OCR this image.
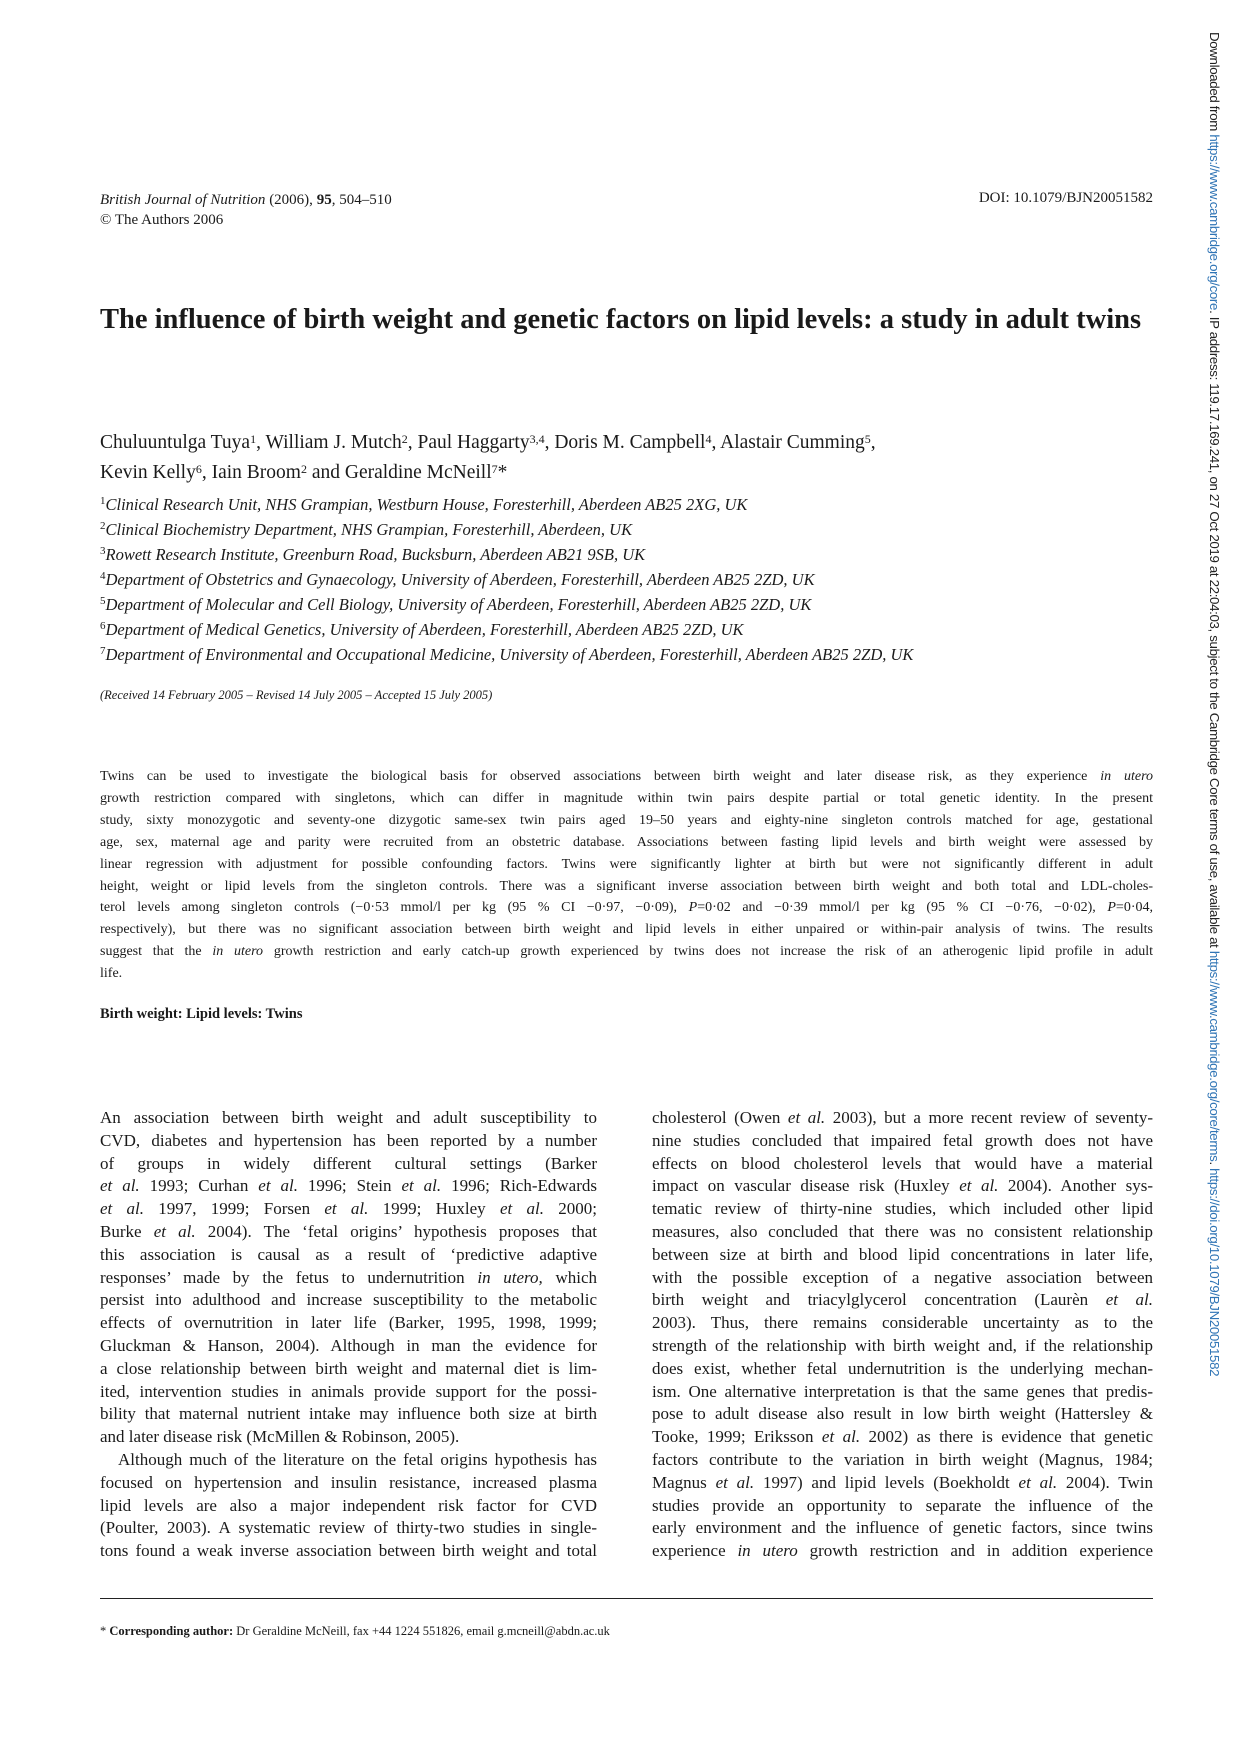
British Journal of Nutrition (2006), 95, 504–510
© The Authors 2006
DOI: 10.1079/BJN20051582
The influence of birth weight and genetic factors on lipid levels: a study in adult twins
Chuluuntulga Tuya$^1$, William J. Mutch$^2$, Paul Haggarty$^{3,4}$, Doris M. Campbell$^4$, Alastair Cumming$^5$,
Kevin Kelly$^6$, Iain Broom$^2$ and Geraldine McNeill$^7$*
$^1$Clinical Research Unit, NHS Grampian, Westburn House, Foresterhill, Aberdeen AB25 2XG, UK
$^2$Clinical Biochemistry Department, NHS Grampian, Foresterhill, Aberdeen, UK
$^3$Rowett Research Institute, Greenburn Road, Bucksburn, Aberdeen AB21 9SB, UK
$^4$Department of Obstetrics and Gynaecology, University of Aberdeen, Foresterhill, Aberdeen AB25 2ZD, UK
$^5$Department of Molecular and Cell Biology, University of Aberdeen, Foresterhill, Aberdeen AB25 2ZD, UK
$^6$Department of Medical Genetics, University of Aberdeen, Foresterhill, Aberdeen AB25 2ZD, UK
$^7$Department of Environmental and Occupational Medicine, University of Aberdeen, Foresterhill, Aberdeen AB25 2ZD, UK
(Received 14 February 2005 – Revised 14 July 2005 – Accepted 15 July 2005)
Twins can be used to investigate the biological basis for observed associations between birth weight and later disease risk, as they experience in utero
growth restriction compared with singletons, which can differ in magnitude within twin pairs despite partial or total genetic identity. In the present
study, sixty monozygotic and seventy-one dizygotic same-sex twin pairs aged 19–50 years and eighty-nine singleton controls matched for age, gestational
age, sex, maternal age and parity were recruited from an obstetric database. Associations between fasting lipid levels and birth weight were assessed by
linear regression with adjustment for possible confounding factors. Twins were significantly lighter at birth but were not significantly different in adult
height, weight or lipid levels from the singleton controls. There was a significant inverse association between birth weight and both total and LDL-choles-
terol levels among singleton controls (−0·53 mmol/l per kg (95 % CI −0·97, −0·09), P=0·02 and −0·39 mmol/l per kg (95 % CI −0·76, −0·02), P=0·04,
respectively), but there was no significant association between birth weight and lipid levels in either unpaired or within-pair analysis of twins. The results
suggest that the in utero growth restriction and early catch-up growth experienced by twins does not increase the risk of an atherogenic lipid profile in adult
life.
Birth weight: Lipid levels: Twins
An association between birth weight and adult susceptibility to
CVD, diabetes and hypertension has been reported by a number
of groups in widely different cultural settings (Barker
et al. 1993; Curhan et al. 1996; Stein et al. 1996; Rich-Edwards
et al. 1997, 1999; Forsen et al. 1999; Huxley et al. 2000;
Burke et al. 2004). The ‘fetal origins’ hypothesis proposes that
this association is causal as a result of ‘predictive adaptive
responses’ made by the fetus to undernutrition in utero, which
persist into adulthood and increase susceptibility to the metabolic
effects of overnutrition in later life (Barker, 1995, 1998, 1999;
Gluckman & Hanson, 2004). Although in man the evidence for
a close relationship between birth weight and maternal diet is lim-
ited, intervention studies in animals provide support for the possi-
bility that maternal nutrient intake may influence both size at birth
and later disease risk (McMillen & Robinson, 2005).
Although much of the literature on the fetal origins hypothesis has
focused on hypertension and insulin resistance, increased plasma
lipid levels are also a major independent risk factor for CVD
(Poulter, 2003). A systematic review of thirty-two studies in single-
tons found a weak inverse association between birth weight and total
cholesterol (Owen et al. 2003), but a more recent review of seventy-
nine studies concluded that impaired fetal growth does not have
effects on blood cholesterol levels that would have a material
impact on vascular disease risk (Huxley et al. 2004). Another sys-
tematic review of thirty-nine studies, which included other lipid
measures, also concluded that there was no consistent relationship
between size at birth and blood lipid concentrations in later life,
with the possible exception of a negative association between
birth weight and triacylglycerol concentration (Laurèn et al.
2003). Thus, there remains considerable uncertainty as to the
strength of the relationship with birth weight and, if the relationship
does exist, whether fetal undernutrition is the underlying mechan-
ism. One alternative interpretation is that the same genes that predis-
pose to adult disease also result in low birth weight (Hattersley &
Tooke, 1999; Eriksson et al. 2002) as there is evidence that genetic
factors contribute to the variation in birth weight (Magnus, 1984;
Magnus et al. 1997) and lipid levels (Boekholdt et al. 2004). Twin
studies provide an opportunity to separate the influence of the
early environment and the influence of genetic factors, since twins
experience in utero growth restriction and in addition experience
* Corresponding author: Dr Geraldine McNeill, fax +44 1224 551826, email g.mcneill@abdn.ac.uk
Downloaded from https://www.cambridge.org/core. IP address: 119.17.169.241, on 27 Oct 2019 at 22:04:03, subject to the Cambridge Core terms of use, available at https://www.cambridge.org/core/terms. https://doi.org/10.1079/BJN20051582
